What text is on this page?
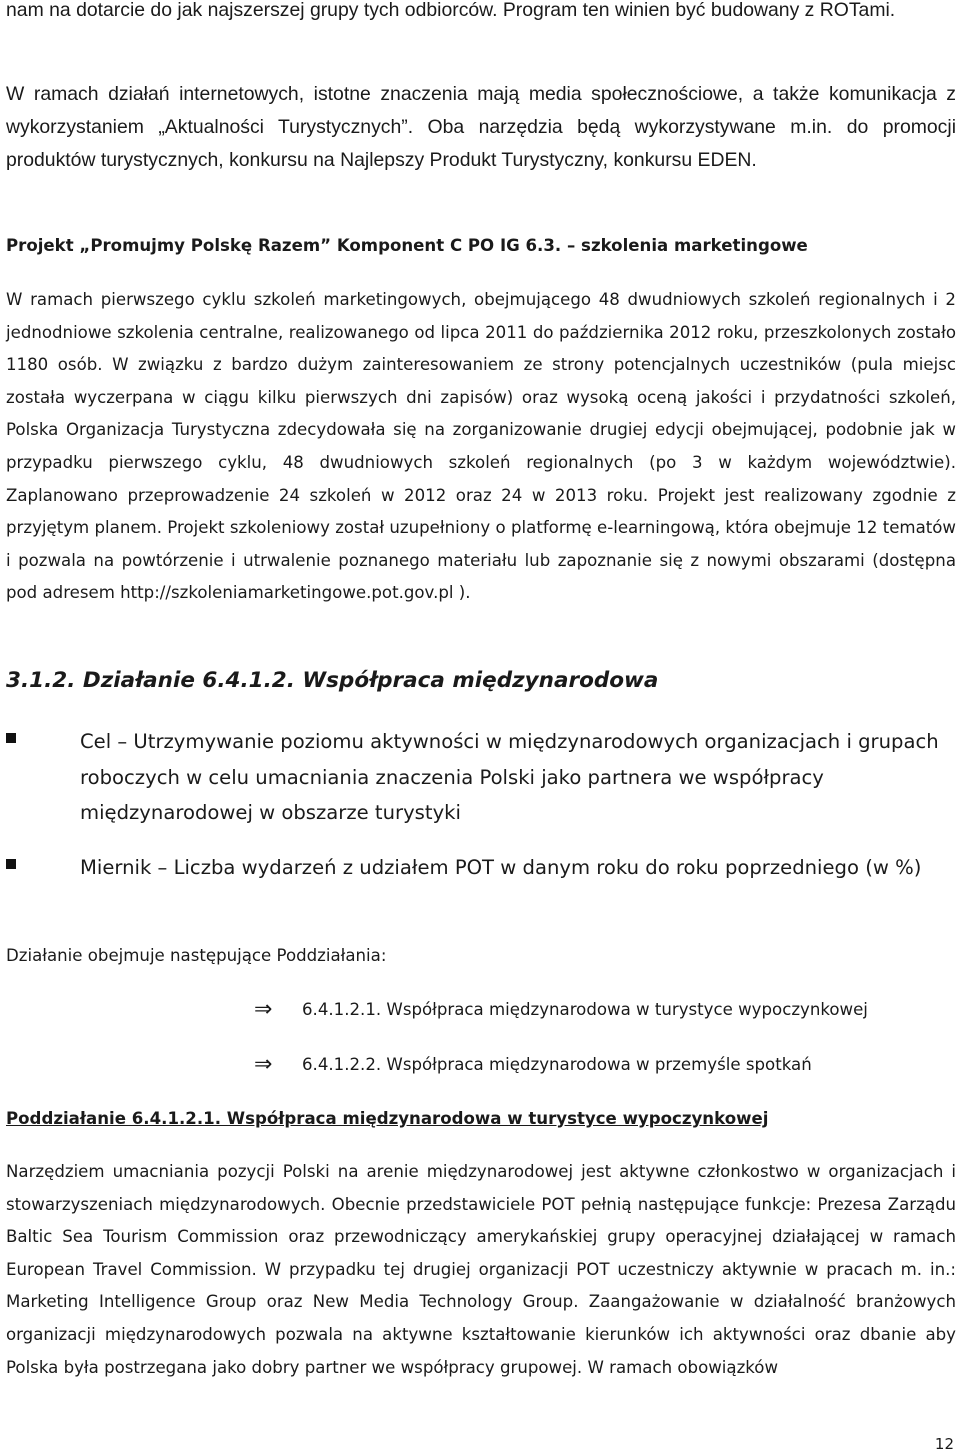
nam na dotarcie do jak najszerszej grupy tych odbiorców. Program ten winien być budowany z ROTami.

W ramach działań internetowych, istotne znaczenia mają media społecznościowe, a także komunikacja z wykorzystaniem „Aktualności Turystycznych”. Oba narzędzia będą wykorzystywane m.in. do promocji produktów turystycznych, konkursu na Najlepszy Produkt Turystyczny, konkursu EDEN.

Projekt „Promujmy Polskę Razem” Komponent C PO IG 6.3. – szkolenia marketingowe

W ramach pierwszego cyklu szkoleń marketingowych, obejmującego 48 dwudniowych szkoleń regionalnych i 2 jednodniowe szkolenia centralne, realizowanego od lipca 2011 do października 2012 roku, przeszkolonych zostało 1180 osób. W związku z bardzo dużym zainteresowaniem ze strony potencjalnych uczestników (pula miejsc została wyczerpana w ciągu kilku pierwszych dni zapisów) oraz wysoką oceną jakości i przydatności szkoleń, Polska Organizacja Turystyczna zdecydowała się na zorganizowanie drugiej edycji obejmującej, podobnie jak w przypadku pierwszego cyklu, 48 dwudniowych szkoleń regionalnych (po 3 w każdym województwie). Zaplanowano przeprowadzenie 24 szkoleń w 2012 oraz 24 w 2013 roku. Projekt jest realizowany zgodnie z przyjętym planem. Projekt szkoleniowy został uzupełniony o platformę e-learningową, która obejmuje 12 tematów i pozwala na powtórzenie i utrwalenie poznanego materiału lub zapoznanie się z nowymi obszarami (dostępna pod adresem http://szkoleniamarketingowe.pot.gov.pl ).

3.1.2. Działanie 6.4.1.2. Współpraca międzynarodowa

Cel – Utrzymywanie poziomu aktywności w międzynarodowych organizacjach i grupach roboczych w celu umacniania znaczenia Polski jako partnera we współpracy międzynarodowej w obszarze turystyki

Miernik – Liczba wydarzeń z udziałem POT w danym roku do roku poprzedniego (w %)

Działanie obejmuje następujące Poddziałania:
⇒ 6.4.1.2.1. Współpraca międzynarodowa w turystyce wypoczynkowej
⇒ 6.4.1.2.2. Współpraca międzynarodowa w przemyśle spotkań
Poddziałanie 6.4.1.2.1. Współpraca międzynarodowa w turystyce wypoczynkowej

Narzędziem umacniania pozycji Polski na arenie międzynarodowej jest aktywne członkostwo w organizacjach i stowarzyszeniach międzynarodowych. Obecnie przedstawiciele POT pełnią następujące funkcje: Prezesa Zarządu Baltic Sea Tourism Commission oraz przewodniczący amerykańskiej grupy operacyjnej działającej w ramach European Travel Commission. W przypadku tej drugiej organizacji POT uczestniczy aktywnie w pracach m. in.: Marketing Intelligence Group oraz New Media Technology Group. Zaangażowanie w działalność branżowych organizacji międzynarodowych pozwala na aktywne kształtowanie kierunków ich aktywności oraz dbanie aby Polska była postrzegana jako dobry partner we współpracy grupowej. W ramach obowiązków

12
